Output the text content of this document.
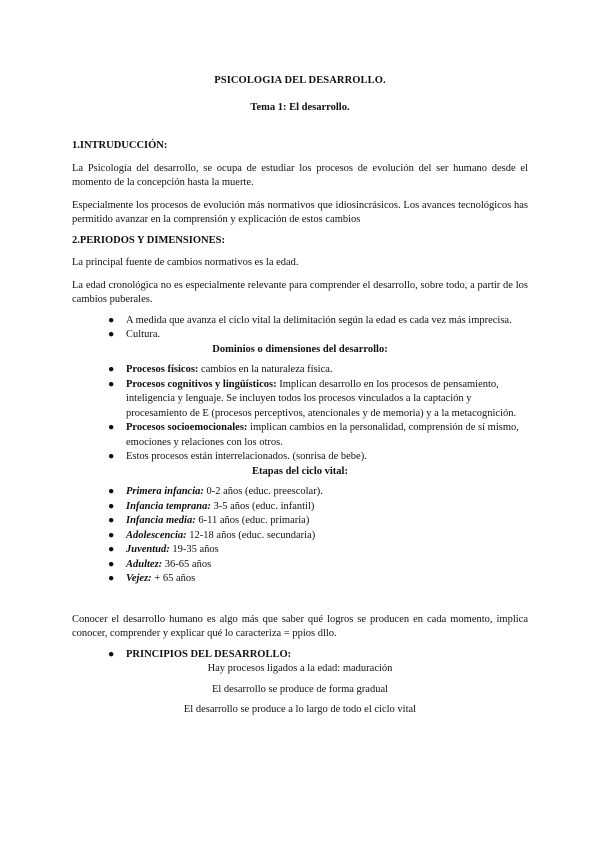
PSICOLOGIA DEL DESARROLLO.
Tema 1: El desarrollo.
1.INTRUDUCCIÓN:

La Psicología del desarrollo, se ocupa de estudiar los procesos de evolución del ser humano desde el momento de la concepción hasta la muerte.

Especialmente los procesos de evolución más normativos que idiosincrásicos. Los avances tecnológicos has permitido avanzar en la comprensión y explicación de estos cambios

2.PERIODOS Y DIMENSIONES:

La principal fuente de cambios normativos es la edad.

La edad cronológica no es especialmente relevante para comprender el desarrollo, sobre todo, a partir de los cambios puberales.

● A medida que avanza el ciclo vital la delimitación según la edad es cada vez más imprecisa.
● Cultura.
Dominios o dimensiones del desarrollo:
● Procesos físicos: cambios en la naturaleza física.
● Procesos cognitivos y lingüísticos: Implican desarrollo en los procesos de pensamiento, inteligencia y lenguaje. Se incluyen todos los procesos vinculados a la captación y procesamiento de E (procesos perceptivos, atencionales y de memoria) y a la metacognición.
● Procesos socioemocionales: implican cambios en la personalidad, comprensión de sí mismo, emociones y relaciones con los otros.
● Estos procesos están interrelacionados. (sonrisa de bebe).
Etapas del ciclo vital:
● Primera infancia: 0-2 años (educ. preescolar).
● Infancia temprana: 3-5 años (educ. infantil)
● Infancia media: 6-11 años (educ. primaria)
● Adolescencia: 12-18 años (educ. secundaria)
● Juventud: 19-35 años
● Adultez: 36-65 años
● Vejez: + 65 años

Conocer el desarrollo humano es algo más que saber qué logros se producen en cada momento, implica conocer, comprender y explicar qué lo caracteriza = ppios dllo.

● PRINCIPIOS DEL DESARROLLO:
Hay procesos ligados a la edad: maduración
El desarrollo se produce de forma gradual
El desarrollo se produce a lo largo de todo el ciclo vital
